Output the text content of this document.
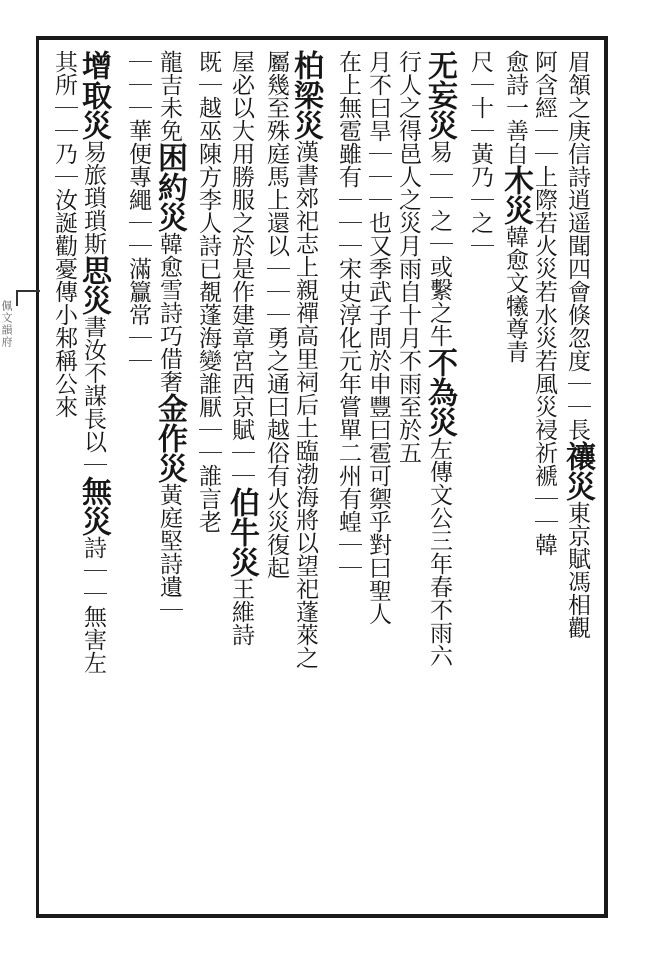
佩文韻府	眉頷之庚信詩逍遥聞四會倏忽度｜｜長禳災東京賦馮相觀
阿含經｜｜上際若火災若水災若風災祲祈褫｜｜韓
愈詩一善自木災韓愈文犧尊青
尺｜十｜黃乃｜之｜
无妄災易｜｜之｜或繫之牛不為災左傳文公三年春不雨六
行人之得邑人之災月雨自十月不雨至於五
月不曰旱｜｜｜也又季武子問於申豐曰雹可禦乎對曰聖人
在上無雹雖有｜｜｜宋史淳化元年嘗單二州有蝗｜｜
柏梁災漢書郊祀志上親禪高里祠后土臨渤海將以望祀蓬萊之
屬幾至殊庭馬上還以｜｜｜勇之通曰越俗有火災復起
屋必以大用勝服之於是作建章宮西京賦｜｜伯牛災王維詩
既｜越巫陳方李人詩已覩蓬海變誰厭｜｜誰言老
龍吉未免困約災韓愈雪詩巧借奢金作災黃庭堅詩遺｜
｜｜｜華便專繩｜｜滿籯常｜｜
增取災易旅瑣瑣斯思災書汝不謀長以｜無災詩｜｜無害左
其所｜｜乃｜汝誕勸憂傳小邾稱公來
